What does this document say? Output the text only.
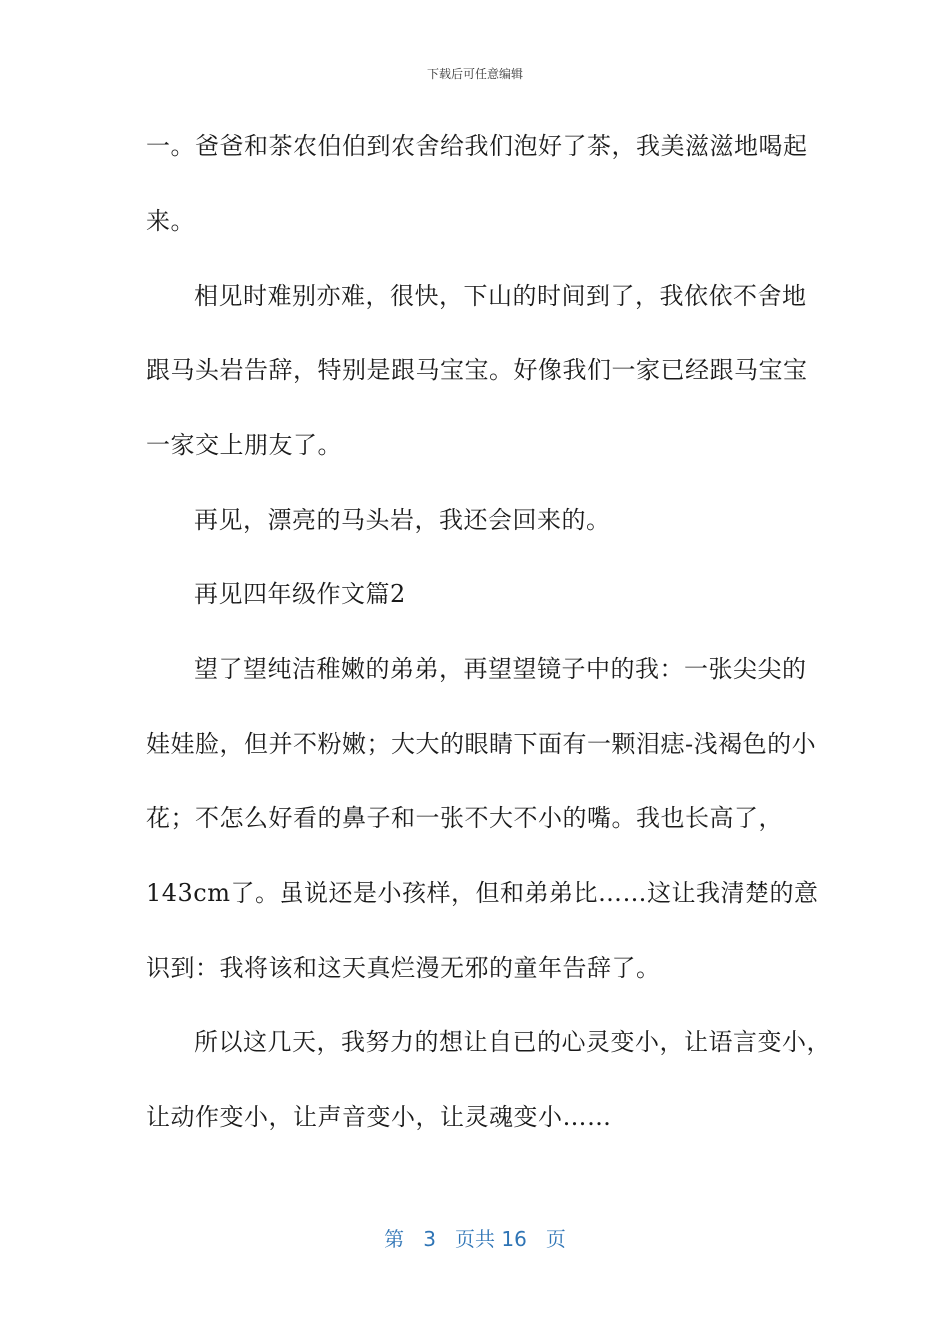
下载后可任意编辑
一。爸爸和茶农伯伯到农舍给我们泡好了茶，我美滋滋地喝起
来。
相见时难别亦难，很快，下山的时间到了，我依依不舍地
跟马头岩告辞，特别是跟马宝宝。好像我们一家已经跟马宝宝
一家交上朋友了。
再见，漂亮的马头岩，我还会回来的。
再见四年级作文篇2
望了望纯洁稚嫩的弟弟，再望望镜子中的我：一张尖尖的
娃娃脸，但并不粉嫩；大大的眼睛下面有一颗泪痣-浅褐色的小
花；不怎么好看的鼻子和一张不大不小的嘴。我也长高了，
143cm了。虽说还是小孩样，但和弟弟比……这让我清楚的意
识到：我将该和这天真烂漫无邪的童年告辞了。
所以这几天，我努力的想让自已的心灵变小，让语言变小，
让动作变小，让声音变小，让灵魂变小……
第 3 页共 16 页
